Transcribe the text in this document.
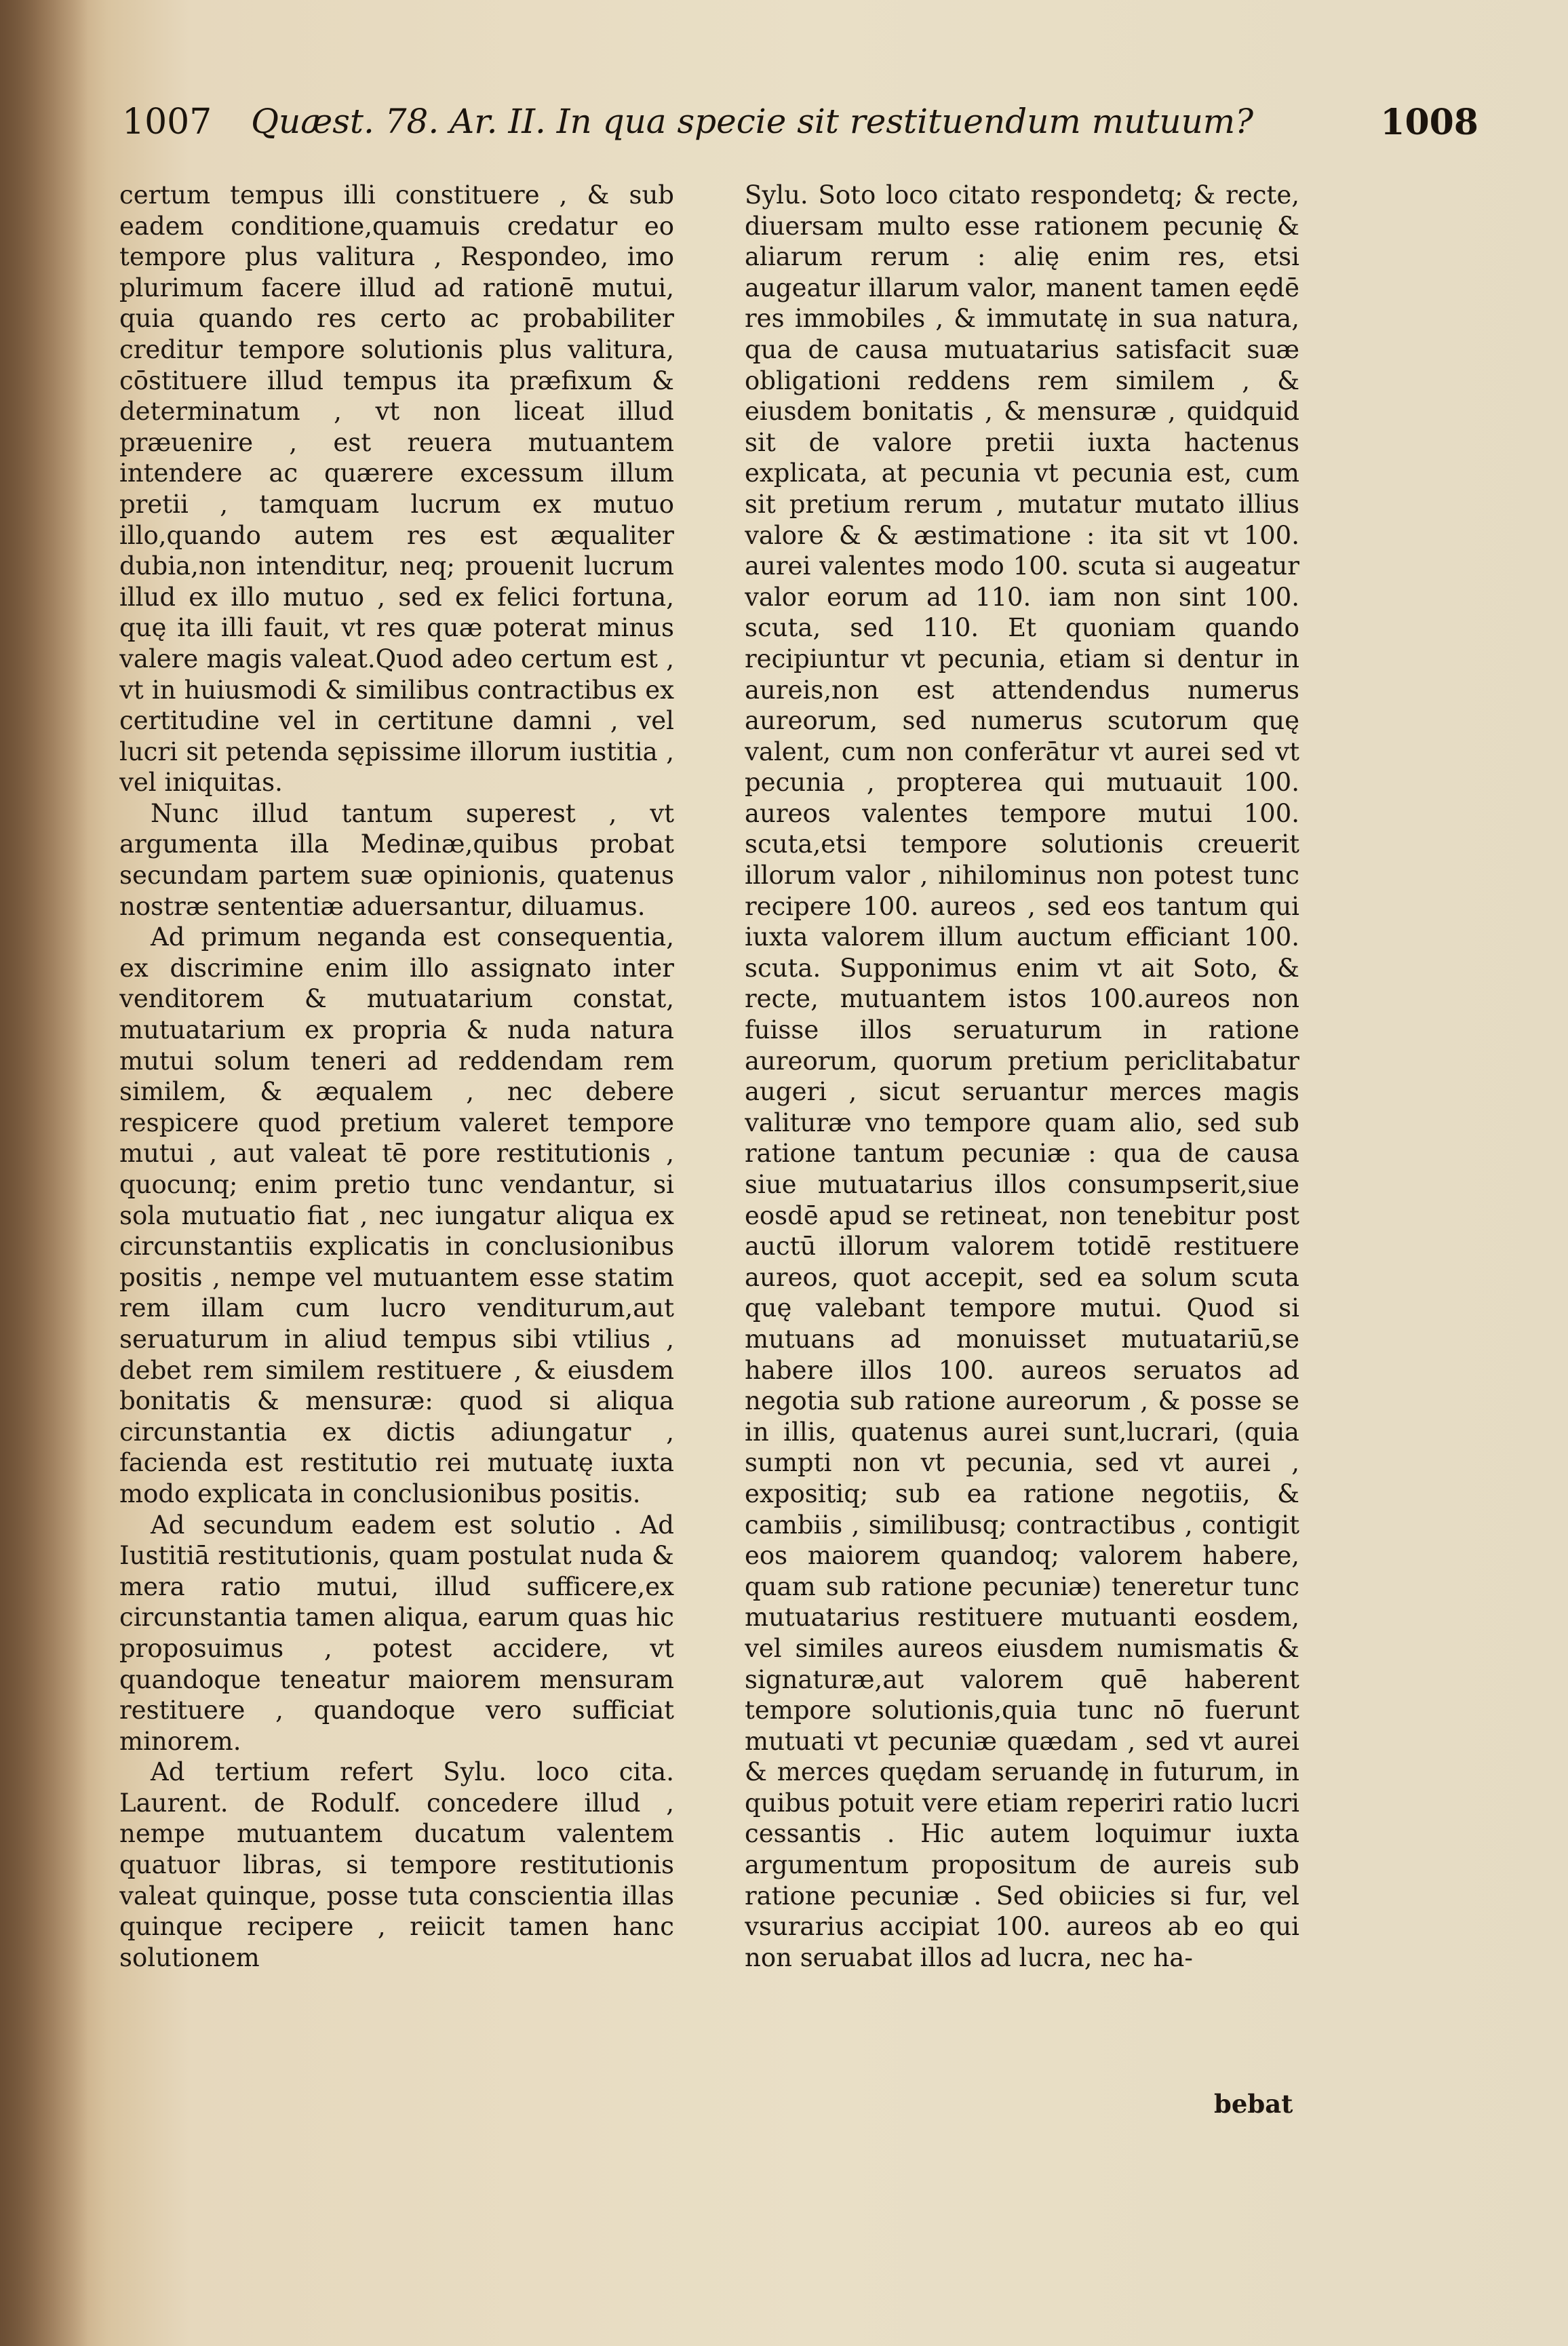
1007 Quæst. 78. Ar. II. In qua specie sit restituendum mutuum?	1008

certum tempus illi constituere , & sub eadem conditione,quamuis credatur eo tempore plus valitura , Respondeo, imo plurimum facere illud ad rationē mutui, quia quando res certo ac probabiliter creditur tempore solutionis plus valitura, cōstituere illud tempus ita præfixum & determinatum , vt non liceat illud præuenire , est reuera mutuantem intendere ac quærere excessum illum pretii , tamquam lucrum ex mutuo illo,quando autem res est æqualiter dubia,non intenditur, neq; prouenit lucrum illud ex illo mutuo , sed ex felici fortuna, quę ita illi fauit, vt res quæ poterat minus valere magis valeat.Quod adeo certum est , vt in huiusmodi & similibus contractibus ex certitudine vel in certitune damni , vel lucri sit petenda sępissime illorum iustitia , vel iniquitas.

Nunc illud tantum superest , vt argumenta illa Medinæ,quibus probat secundam partem suæ opinionis, quatenus nostræ sententiæ aduersantur, diluamus.

Ad primum neganda est consequentia, ex discrimine enim illo assignato inter venditorem & mutuatarium constat, mutuatarium ex propria & nuda natura mutui solum teneri ad reddendam rem similem, & æqualem , nec debere respicere quod pretium valeret tempore mutui , aut valeat tē pore restitutionis , quocunq; enim pretio tunc vendantur, si sola mutuatio fiat , nec iungatur aliqua ex circunstantiis explicatis in conclusionibus positis , nempe vel mutuantem esse statim rem illam cum lucro venditurum,aut seruaturum in aliud tempus sibi vtilius , debet rem similem restituere , & eiusdem bonitatis & mensuræ: quod si aliqua circunstantia ex dictis adiungatur , facienda est restitutio rei mutuatę iuxta modo explicata in conclusionibus positis.

Ad secundum eadem est solutio . Ad Iustitiā restitutionis, quam postulat nuda & mera ratio mutui, illud sufficere,ex circunstantia tamen aliqua, earum quas hic proposuimus , potest accidere, vt quandoque teneatur maiorem mensuram restituere , quandoque vero sufficiat minorem.

Ad tertium refert Sylu. loco cita. Laurent. de Rodulf. concedere illud , nempe mutuantem ducatum valentem quatuor libras, si tempore restitutionis valeat quinque, posse tuta conscientia illas quinque recipere , reiicit tamen hanc solutionem

Sylu. Soto loco citato respondetq; & recte, diuersam multo esse rationem pecunię & aliarum rerum : alię enim res, etsi augeatur illarum valor, manent tamen eędē res immobiles , & immutatę in sua natura, qua de causa mutuatarius satisfacit suæ obligationi reddens rem similem , & eiusdem bonitatis , & mensuræ , quidquid sit de valore pretii iuxta hactenus explicata, at pecunia vt pecunia est, cum sit pretium rerum , mutatur mutato illius valore & & æstimatione : ita sit vt 100. aurei valentes modo 100. scuta si augeatur valor eorum ad 110. iam non sint 100. scuta, sed 110. Et quoniam quando recipiuntur vt pecunia, etiam si dentur in aureis,non est attendendus numerus aureorum, sed numerus scutorum quę valent, cum non conferātur vt aurei sed vt pecunia , propterea qui mutuauit 100. aureos valentes tempore mutui 100. scuta,etsi tempore solutionis creuerit illorum valor , nihilominus non potest tunc recipere 100. aureos , sed eos tantum qui iuxta valorem illum auctum efficiant 100. scuta. Supponimus enim vt ait Soto, & recte, mutuantem istos 100.aureos non fuisse illos seruaturum in ratione aureorum, quorum pretium periclitabatur augeri , sicut seruantur merces magis valituræ vno tempore quam alio, sed sub ratione tantum pecuniæ : qua de causa siue mutuatarius illos consumpserit,siue eosdē apud se retineat, non tenebitur post auctū illorum valorem totidē restituere aureos, quot accepit, sed ea solum scuta quę valebant tempore mutui. Quod si mutuans ad monuisset mutuatariū,se habere illos 100. aureos seruatos ad negotia sub ratione aureorum , & posse se in illis, quatenus aurei sunt,lucrari, (quia sumpti non vt pecunia, sed vt aurei , expositiq; sub ea ratione negotiis, & cambiis , similibusq; contractibus , contigit eos maiorem quandoq; valorem habere, quam sub ratione pecuniæ) teneretur tunc mutuatarius restituere mutuanti eosdem, vel similes aureos eiusdem numismatis & signaturæ,aut valorem quē haberent tempore solutionis,quia tunc nō fuerunt mutuati vt pecuniæ quædam , sed vt aurei & merces quędam seruandę in futurum, in quibus potuit vere etiam reperiri ratio lucri cessantis . Hic autem loquimur iuxta argumentum propositum de aureis sub ratione pecuniæ . Sed obiicies si fur, vel vsurarius accipiat 100. aureos ab eo qui non seruabat illos ad lucra, nec ha-

bebat
